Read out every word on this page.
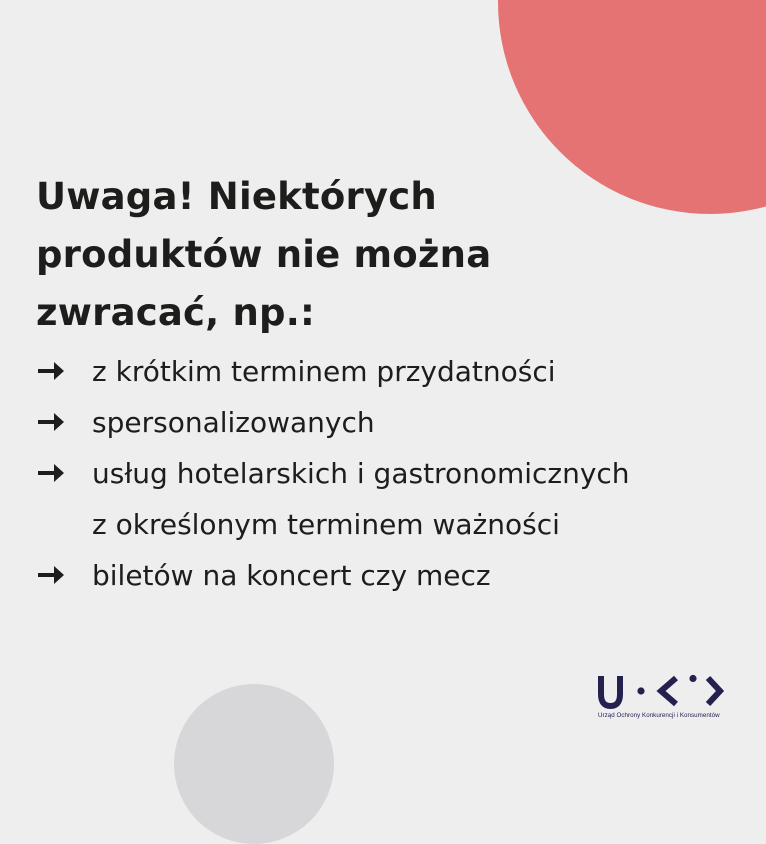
Uwaga! Niektórych
produktów nie można
zwracać, np.:
z krótkim terminem przydatności
spersonalizowanych
usług hotelarskich i gastronomicznych
z określonym terminem ważności
biletów na koncert czy mecz
Urząd Ochrony Konkurencji i Konsumentów
